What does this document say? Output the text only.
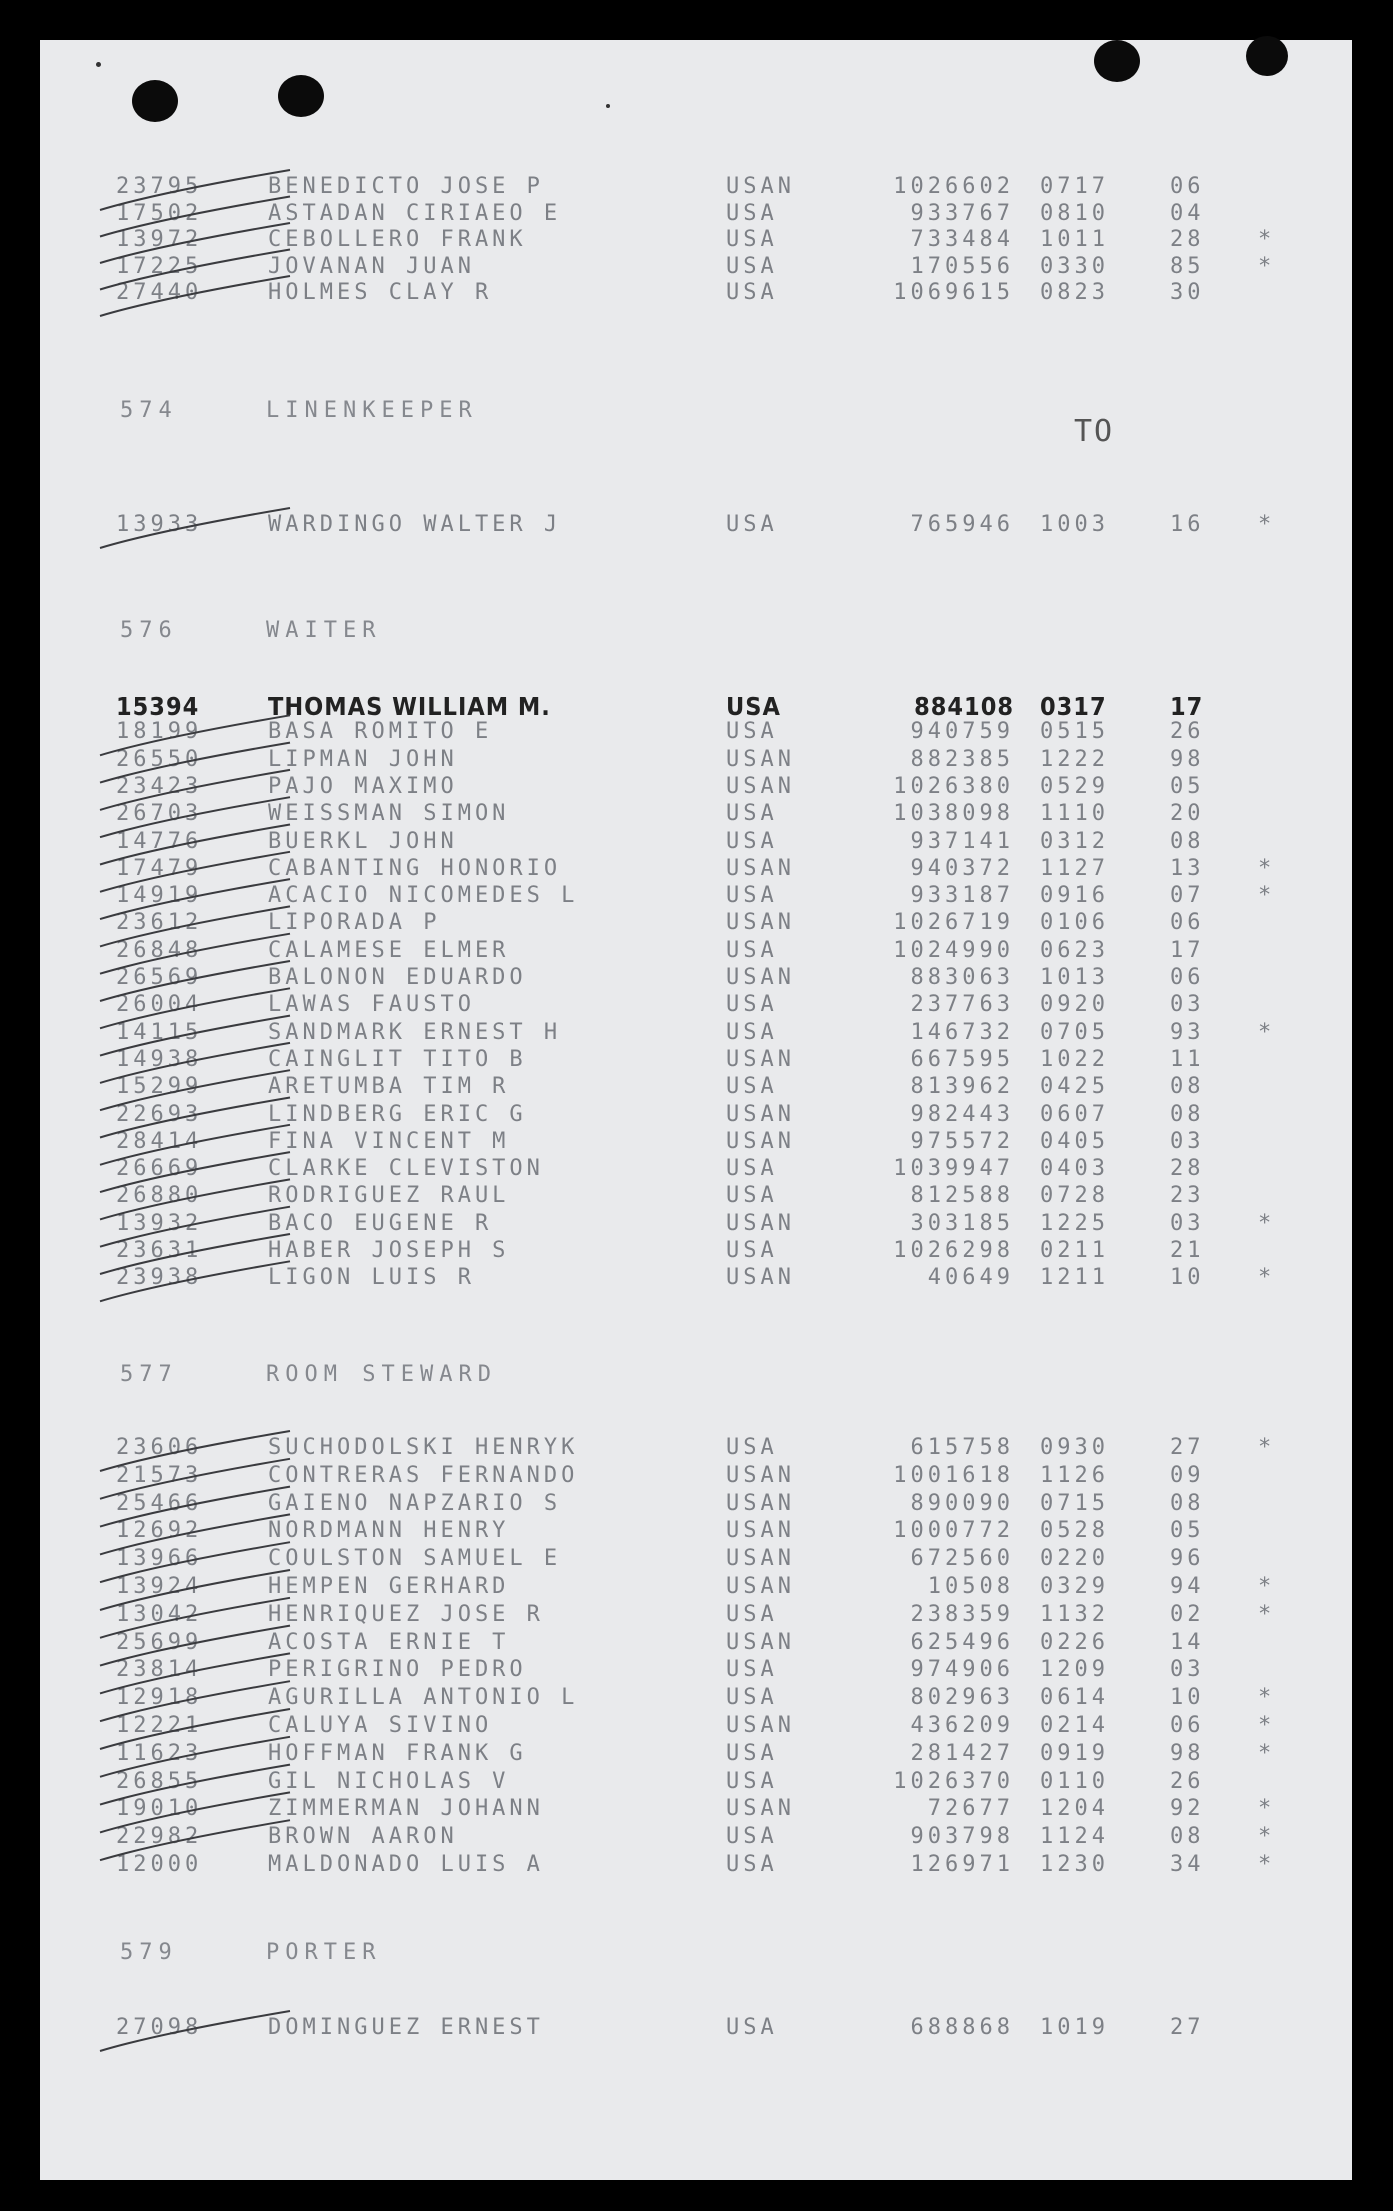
TO
23795	BENEDICTO JOSE P	USAN	1026602 0717	06
17502	ASTADAN CIRIAEO E	USA	933767 0810	04
13972	CEBOLLERO FRANK	USA	733484 1011	28 *
17225	JOVANAN JUAN	USA	170556 0330	85 *
27440	HOLMES CLAY R	USA	1069615 0823	30
574	LINENKEEPER
13933	WARDINGO WALTER J	USA	765946 1003	16 *
576	WAITER
15394	THOMAS WILLIAM M.	USA	884108 0317	17
18199	BASA ROMITO E	USA	940759 0515	26
26550	LIPMAN JOHN	USAN	882385 1222	98
23423	PAJO MAXIMO	USAN	1026380 0529	05
26703	WEISSMAN SIMON	USA	1038098 1110	20
14776	BUERKL JOHN	USA	937141 0312	08
17479	CABANTING HONORIO	USAN	940372 1127	13 *
14919	ACACIO NICOMEDES L	USA	933187 0916	07 *
23612	LIPORADA P	USAN	1026719 0106	06
26848	CALAMESE ELMER	USA	1024990 0623	17
26569	BALONON EDUARDO	USAN	883063 1013	06
26004	LAWAS FAUSTO	USA	237763 0920	03
14115	SANDMARK ERNEST H	USA	146732 0705	93 *
14938	CAINGLIT TITO B	USAN	667595 1022	11
15299	ARETUMBA TIM R	USA	813962 0425	08
22693	LINDBERG ERIC G	USAN	982443 0607	08
28414	FINA VINCENT M	USAN	975572 0405	03
26669	CLARKE CLEVISTON	USA	1039947 0403	28
26880	RODRIGUEZ RAUL	USA	812588 0728	23
13932	BACO EUGENE R	USAN	303185 1225	03 *
23631	HABER JOSEPH S	USA	1026298 0211	21
23938	LIGON LUIS R	USAN	40649 1211	10 *
577	ROOM STEWARD
23606	SUCHODOLSKI HENRYK	USA	615758 0930	27 *
21573	CONTRERAS FERNANDO	USAN	1001618 1126	09
25466	GAIENO NAPZARIO S	USAN	890090 0715	08
12692	NORDMANN HENRY	USAN	1000772 0528	05
13966	COULSTON SAMUEL E	USAN	672560 0220	96
13924	HEMPEN GERHARD	USAN	10508 0329	94 *
13042	HENRIQUEZ JOSE R	USA	238359 1132	02 *
25699	ACOSTA ERNIE T	USAN	625496 0226	14
23814	PERIGRINO PEDRO	USA	974906 1209	03
12918	AGURILLA ANTONIO L	USA	802963 0614	10 *
12221	CALUYA SIVINO	USAN	436209 0214	06 *
11623	HOFFMAN FRANK G	USA	281427 0919	98 *
26855	GIL NICHOLAS V	USA	1026370 0110	26
19010	ZIMMERMAN JOHANN	USAN	72677 1204	92 *
22982	BROWN AARON	USA	903798 1124	08 *
12000	MALDONADO LUIS A	USA	126971 1230	34 *
579	PORTER
27098	DOMINGUEZ ERNEST	USA	688868 1019	27
